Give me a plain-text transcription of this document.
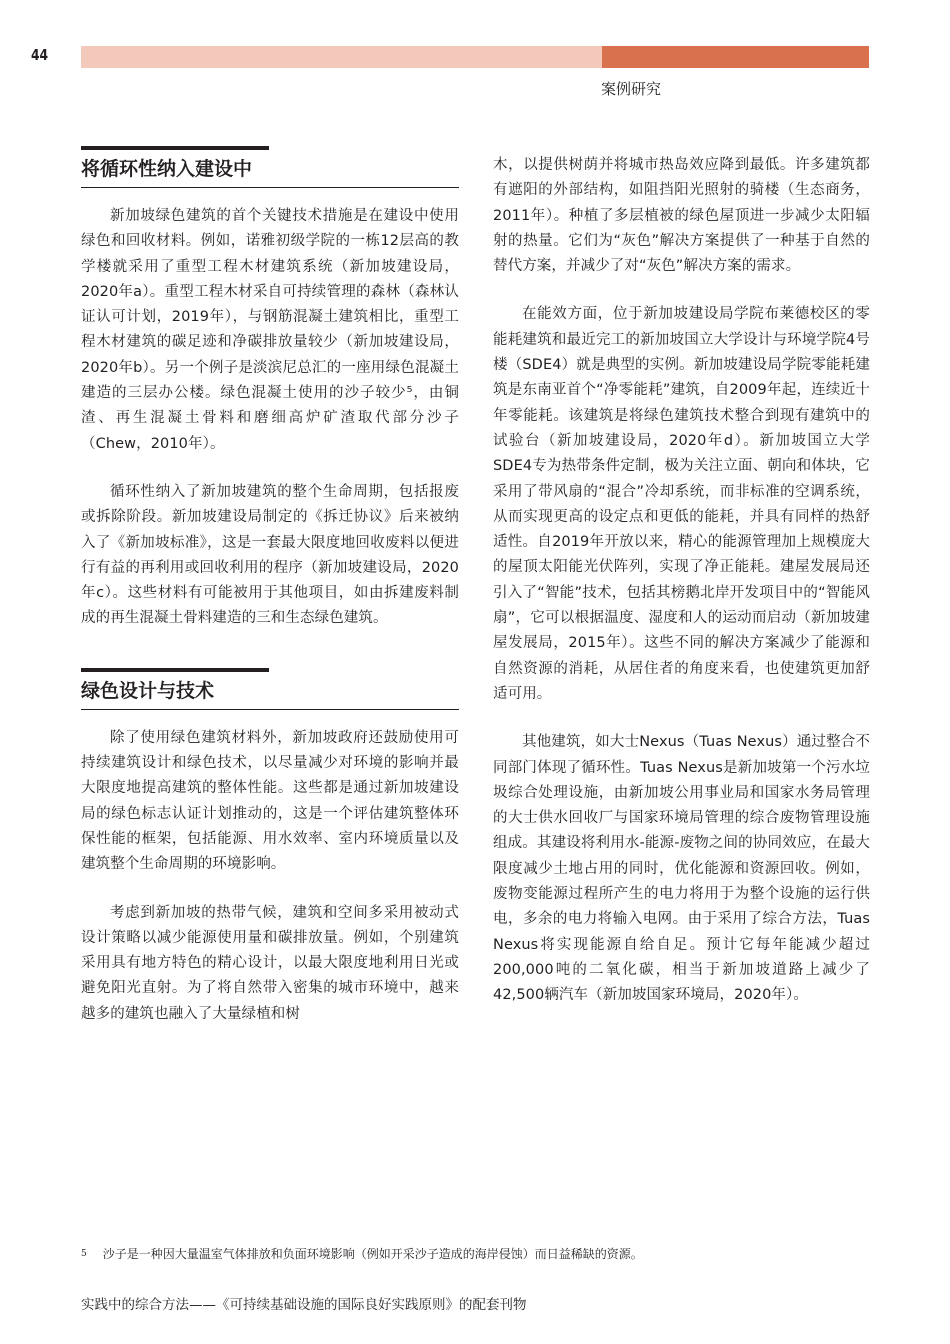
44
案例研究
将循环性纳入建设中

新加坡绿色建筑的首个关键技术措施是在建设中使用绿色和回收材料。例如，诺雅初级学院的一栋12层高的教学楼就采用了重型工程木材建筑系统（新加坡建设局，2020年a）。重型工程木材采自可持续管理的森林（森林认证认可计划，2019年），与钢筋混凝土建筑相比，重型工程木材建筑的碳足迹和净碳排放量较少（新加坡建设局，2020年b）。另一个例子是淡滨尼总汇的一座用绿色混凝土建造的三层办公楼。绿色混凝土使用的沙子较少⁵，由铜渣、再生混凝土骨料和磨细高炉矿渣取代部分沙子（Chew，2010年）。

循环性纳入了新加坡建筑的整个生命周期，包括报废或拆除阶段。新加坡建设局制定的《拆迁协议》后来被纳入了《新加坡标准》，这是一套最大限度地回收废料以便进行有益的再利用或回收利用的程序（新加坡建设局，2020年c）。这些材料有可能被用于其他项目，如由拆建废料制成的再生混凝土骨料建造的三和生态绿色建筑。

绿色设计与技术

除了使用绿色建筑材料外，新加坡政府还鼓励使用可持续建筑设计和绿色技术，以尽量减少对环境的影响并最大限度地提高建筑的整体性能。这些都是通过新加坡建设局的绿色标志认证计划推动的，这是一个评估建筑整体环保性能的框架，包括能源、用水效率、室内环境质量以及建筑整个生命周期的环境影响。

考虑到新加坡的热带气候，建筑和空间多采用被动式设计策略以减少能源使用量和碳排放量。例如，个别建筑采用具有地方特色的精心设计，以最大限度地利用日光或避免阳光直射。为了将自然带入密集的城市环境中，越来越多的建筑也融入了大量绿植和树

木，以提供树荫并将城市热岛效应降到最低。许多建筑都有遮阳的外部结构，如阻挡阳光照射的骑楼（生态商务，2011年）。种植了多层植被的绿色屋顶进一步减少太阳辐射的热量。它们为“灰色”解决方案提供了一种基于自然的替代方案，并减少了对“灰色”解决方案的需求。

在能效方面，位于新加坡建设局学院布莱德校区的零能耗建筑和最近完工的新加坡国立大学设计与环境学院4号楼（SDE4）就是典型的实例。新加坡建设局学院零能耗建筑是东南亚首个“净零能耗”建筑，自2009年起，连续近十年零能耗。该建筑是将绿色建筑技术整合到现有建筑中的试验台（新加坡建设局，2020年d）。新加坡国立大学SDE4专为热带条件定制，极为关注立面、朝向和体块，它采用了带风扇的“混合”冷却系统，而非标准的空调系统，从而实现更高的设定点和更低的能耗，并具有同样的热舒适性。自2019年开放以来，精心的能源管理加上规模庞大的屋顶太阳能光伏阵列，实现了净正能耗。建屋发展局还引入了“智能”技术，包括其榜鹅北岸开发项目中的“智能风扇”，它可以根据温度、湿度和人的运动而启动（新加坡建屋发展局，2015年）。这些不同的解决方案减少了能源和自然资源的消耗，从居住者的角度来看，也使建筑更加舒适可用。

其他建筑，如大士Nexus（Tuas Nexus）通过整合不同部门体现了循环性。Tuas Nexus是新加坡第一个污水垃圾综合处理设施，由新加坡公用事业局和国家水务局管理的大士供水回收厂与国家环境局管理的综合废物管理设施组成。其建设将利用水-能源-废物之间的协同效应，在最大限度减少土地占用的同时，优化能源和资源回收。例如，废物变能源过程所产生的电力将用于为整个设施的运行供电，多余的电力将输入电网。由于采用了综合方法，Tuas Nexus将实现能源自给自足。预计它每年能减少超过200,000吨的二氧化碳，相当于新加坡道路上减少了42,500辆汽车（新加坡国家环境局，2020年）。

$^5$ 沙子是一种因大量温室气体排放和负面环境影响（例如开采沙子造成的海岸侵蚀）而日益稀缺的资源。
实践中的综合方法——《可持续基础设施的国际良好实践原则》的配套刊物
